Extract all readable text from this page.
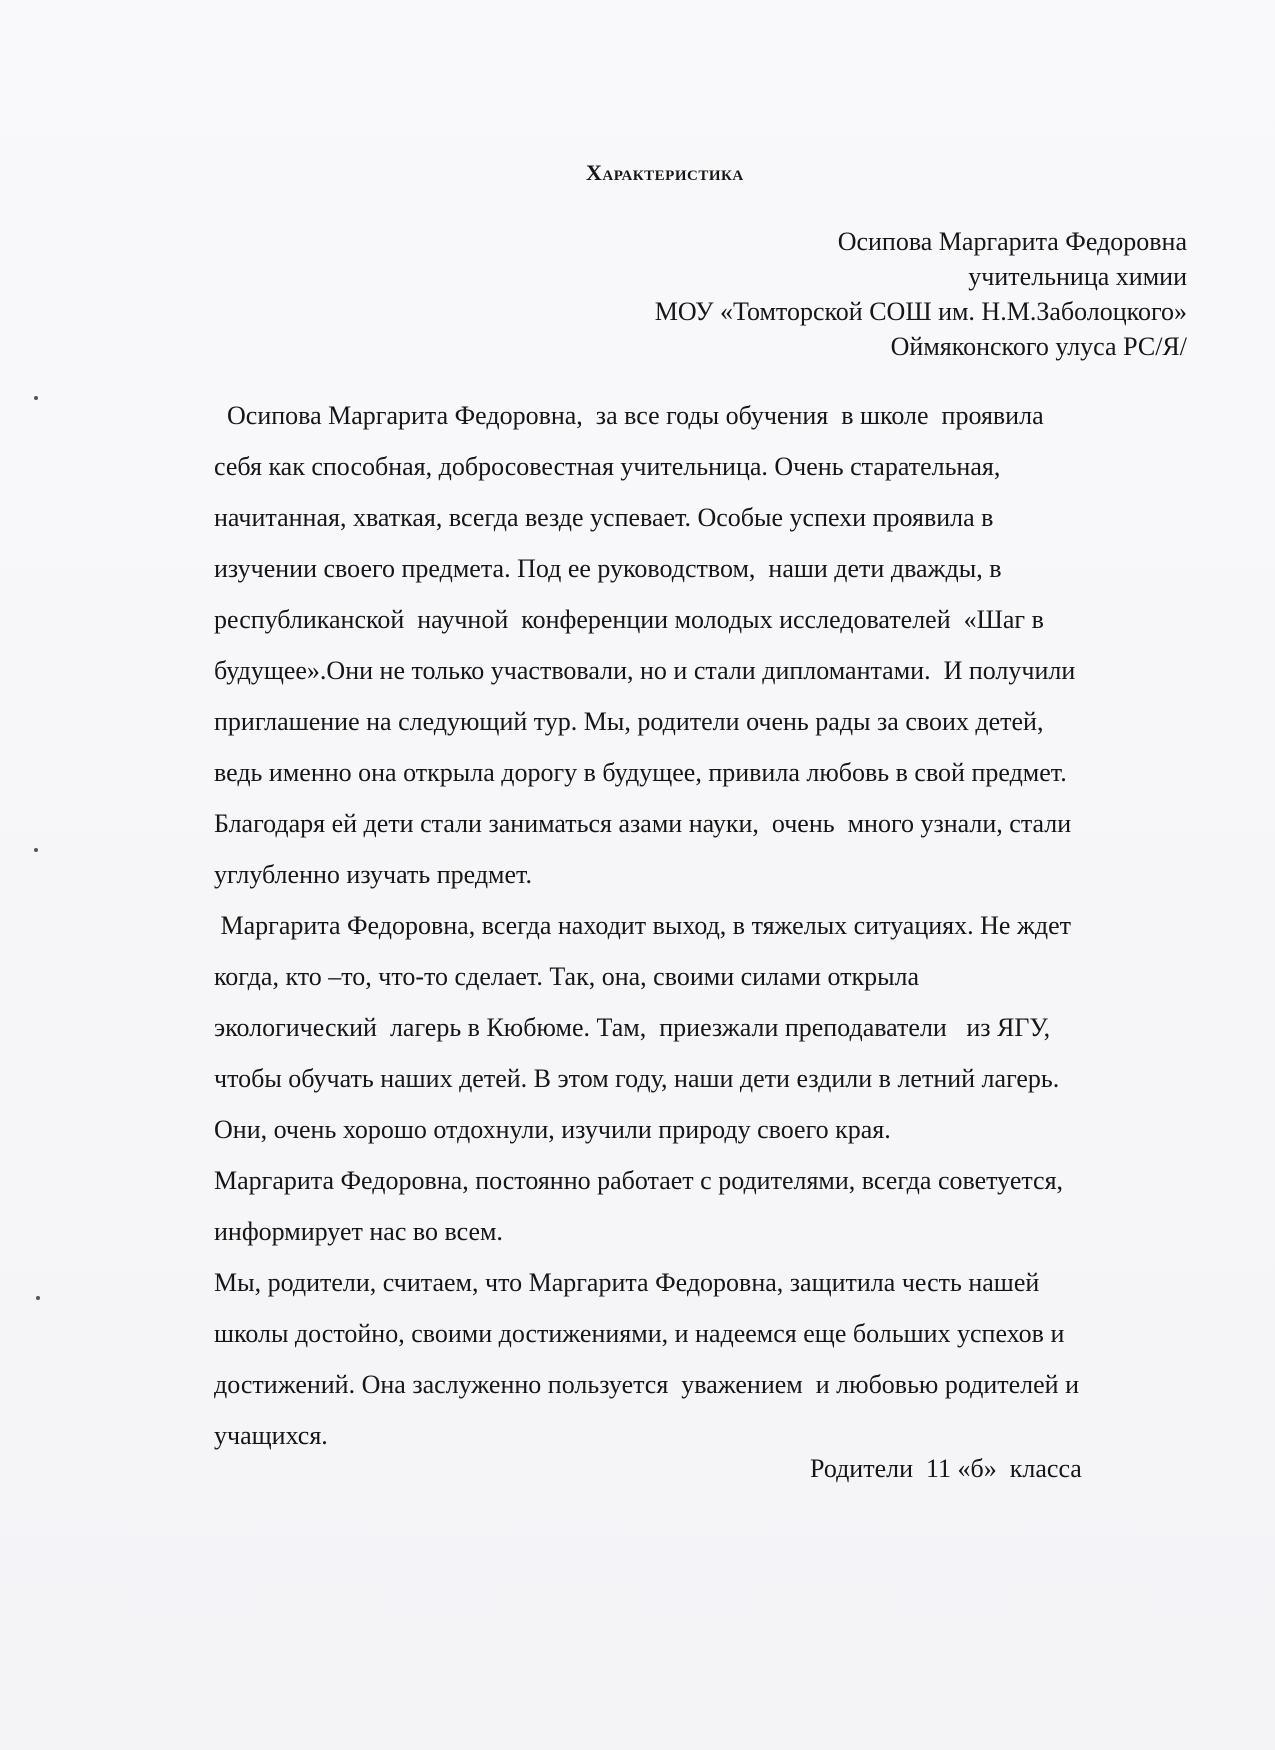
Характеристика
Осипова Маргарита Федоровна
учительница химии
МОУ «Томторской СОШ им. Н.М.Заболоцкого»
Оймяконского улуса РС/Я/

Осипова Маргарита Федоровна,  за все годы обучения  в школе  проявила

себя как способная, добросовестная учительница. Очень старательная,

начитанная, хваткая, всегда везде успевает. Особые успехи проявила в

изучении своего предмета. Под ее руководством,  наши дети дважды, в

республиканской  научной  конференции молодых исследователей  «Шаг в

будущее».Они не только участвовали, но и стали дипломантами.  И получили

приглашение на следующий тур. Мы, родители очень рады за своих детей,

ведь именно она открыла дорогу в будущее, привила любовь в свой предмет.

Благодаря ей дети стали заниматься азами науки,  очень  много узнали, стали

углубленно изучать предмет.

Маргарита Федоровна, всегда находит выход, в тяжелых ситуациях. Не ждет

когда, кто –то, что-то сделает. Так, она, своими силами открыла

экологический  лагерь в Кюбюме. Там,  приезжали преподаватели   из ЯГУ,

чтобы обучать наших детей. В этом году, наши дети ездили в летний лагерь.

Они, очень хорошо отдохнули, изучили природу своего края.

Маргарита Федоровна, постоянно работает с родителями, всегда советуется,

информирует нас во всем.

Мы, родители, считаем, что Маргарита Федоровна, защитила честь нашей

школы достойно, своими достижениями, и надеемся еще больших успехов и

достижений. Она заслуженно пользуется  уважением  и любовью родителей и

учащихся.

Родители  11 «б»  класса
